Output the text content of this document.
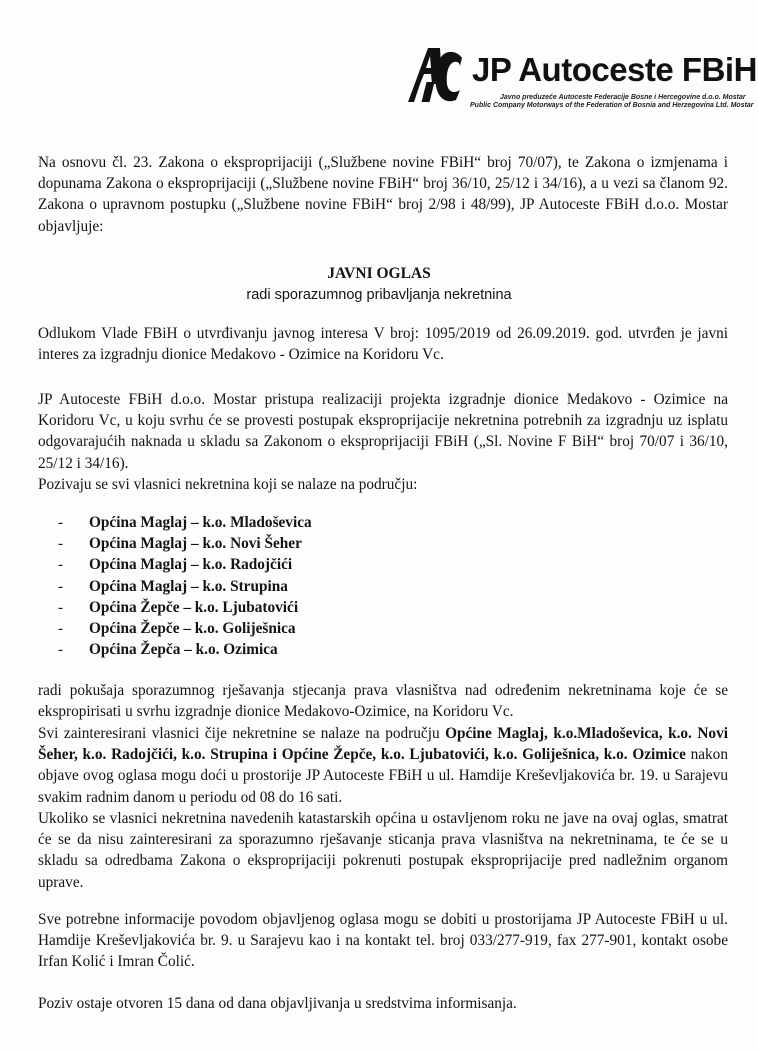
JP Autoceste FBiH
Javno preduzeće Autoceste Federacije Bosne i Hercegovine d.o.o. Mostar
Public Company Motorways of the Federation of Bosnia and Herzegovina Ltd. Mostar
Na osnovu čl. 23. Zakona o eksproprijaciji („Službene novine FBiH“ broj 70/07), te Zakona o izmjenama i dopunama Zakona o eksproprijaciji („Službene novine FBiH“ broj 36/10, 25/12 i 34/16), a u vezi sa članom 92. Zakona o upravnom postupku („Službene novine FBiH“ broj 2/98 i 48/99), JP Autoceste FBiH d.o.o. Mostar objavljuje:
JAVNI OGLAS
radi sporazumnog pribavljanja nekretnina
Odlukom Vlade FBiH o utvrđivanju javnog interesa V broj: 1095/2019 od 26.09.2019. god. utvrđen je javni interes za izgradnju dionice Medakovo - Ozimice na Koridoru Vc.
JP Autoceste FBiH d.o.o. Mostar pristupa realizaciji projekta izgradnje dionice Medakovo - Ozimice na Koridoru Vc, u koju svrhu će se provesti postupak eksproprijacije nekretnina potrebnih za izgradnju uz isplatu odgovarajućih naknada u skladu sa Zakonom o eksproprijaciji FBiH („Sl. Novine F BiH“ broj 70/07 i 36/10, 25/12 i 34/16).
Pozivaju se svi vlasnici nekretnina koji se nalaze na području:
- Općina Maglaj – k.o. Mladoševica
- Općina Maglaj – k.o. Novi Šeher
- Općina Maglaj – k.o. Radojčići
- Općina Maglaj – k.o. Strupina
- Općina Žepče – k.o. Ljubatovići
- Općina Žepče – k.o. Goliješnica
- Općina Žepča – k.o. Ozimica
radi pokušaja sporazumnog rješavanja stjecanja prava vlasništva nad određenim nekretninama koje će se ekspropirisati u svrhu izgradnje dionice Medakovo-Ozimice, na Koridoru Vc.
Svi zainteresirani vlasnici čije nekretnine se nalaze na području Općine Maglaj, k.o.Mladoševica, k.o. Novi Šeher, k.o. Radojčići, k.o. Strupina i Općine Žepče, k.o. Ljubatovići, k.o. Goliješnica, k.o. Ozimice nakon objave ovog oglasa mogu doći u prostorije JP Autoceste FBiH u ul. Hamdije Kreševljakovića br. 19. u Sarajevu svakim radnim danom u periodu od 08 do 16 sati.
Ukoliko se vlasnici nekretnina navedenih katastarskih općina u ostavljenom roku ne jave na ovaj oglas, smatrat će se da nisu zainteresirani za sporazumno rješavanje sticanja prava vlasništva na nekretninama, te će se u skladu sa odredbama Zakona o eksproprijaciji pokrenuti postupak eksproprijacije pred nadležnim organom uprave.
Sve potrebne informacije povodom objavljenog oglasa mogu se dobiti u prostorijama JP Autoceste FBiH u ul. Hamdije Kreševljakovića br. 9. u Sarajevu kao i na kontakt tel. broj 033/277-919, fax 277-901, kontakt osobe Irfan Kolić i Imran Čolić.
Poziv ostaje otvoren 15 dana od dana objavljivanja u sredstvima informisanja.
